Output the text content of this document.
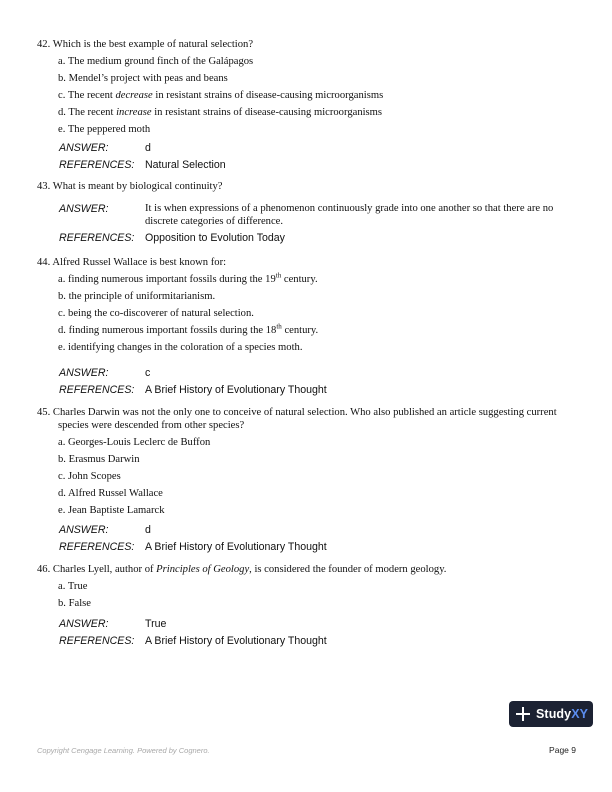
42. Which is the best example of natural selection?

a. The medium ground finch of the Galápagos
b. Mendel’s project with peas and beans
c. The recent decrease in resistant strains of disease-causing microorganisms
d. The recent increase in resistant strains of disease-causing microorganisms
e. The peppered moth
ANSWER:	d
REFERENCES:	Natural Selection

43. What is meant by biological continuity?

ANSWER:	It is when expressions of a phenomenon continuously grade into one another so that there are no discrete categories of difference.
REFERENCES:	Opposition to Evolution Today

44. Alfred Russel Wallace is best known for:

a. finding numerous important fossils during the 19th century.
b. the principle of uniformitarianism.
c. being the co-discoverer of natural selection.
d. finding numerous important fossils during the 18th century.
e. identifying changes in the coloration of a species moth.
ANSWER:	c
REFERENCES:	A Brief History of Evolutionary Thought

45. Charles Darwin was not the only one to conceive of natural selection. Who also published an article suggesting current species were descended from other species?

a. Georges-Louis Leclerc de Buffon
b. Erasmus Darwin
c. John Scopes
d. Alfred Russel Wallace
e. Jean Baptiste Lamarck
ANSWER:	d
REFERENCES:	A Brief History of Evolutionary Thought

46. Charles Lyell, author of Principles of Geology, is considered the founder of modern geology.

a. True
b. False
ANSWER:	True
REFERENCES:	A Brief History of Evolutionary Thought
StudyXY
Copyright Cengage Learning. Powered by Cognero.	Page 9
